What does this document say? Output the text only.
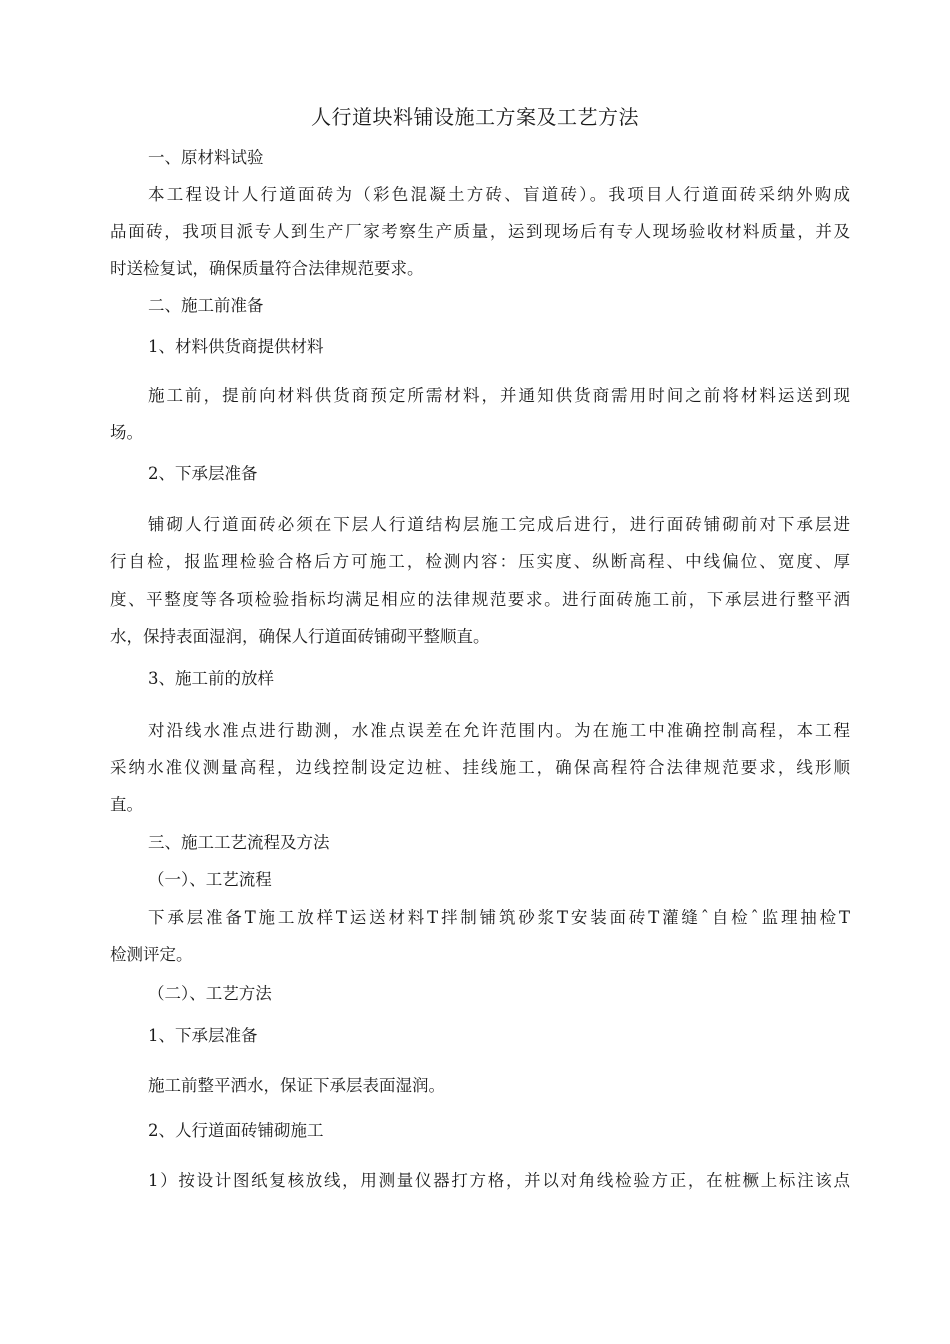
人行道块料铺设施工方案及工艺方法
一、原材料试验
本工程设计人行道面砖为（彩色混凝土方砖、盲道砖）。我项目人行道面砖采纳外购成
品面砖，我项目派专人到生产厂家考察生产质量，运到现场后有专人现场验收材料质量，并及
时送检复试，确保质量符合法律规范要求。
二、施工前准备
1、材料供货商提供材料
施工前，提前向材料供货商预定所需材料，并通知供货商需用时间之前将材料运送到现
场。
2、下承层准备
铺砌人行道面砖必须在下层人行道结构层施工完成后进行，进行面砖铺砌前对下承层进
行自检，报监理检验合格后方可施工，检测内容：压实度、纵断高程、中线偏位、宽度、厚
度、平整度等各项检验指标均满足相应的法律规范要求。进行面砖施工前，下承层进行整平洒
水，保持表面湿润，确保人行道面砖铺砌平整顺直。
3、施工前的放样
对沿线水准点进行勘测，水准点误差在允许范围内。为在施工中准确控制高程，本工程
采纳水准仪测量高程，边线控制设定边桩、挂线施工，确保高程符合法律规范要求，线形顺
直。
三、施工工艺流程及方法
（一）、工艺流程
下承层准备T施工放样T运送材料T拌制铺筑砂浆T安装面砖T灌缝ˆ自检ˆ监理抽检T
检测评定。
（二）、工艺方法
1、下承层准备
施工前整平洒水，保证下承层表面湿润。
2、人行道面砖铺砌施工
1）按设计图纸复核放线，用测量仪器打方格，并以对角线检验方正，在桩橛上标注该点
